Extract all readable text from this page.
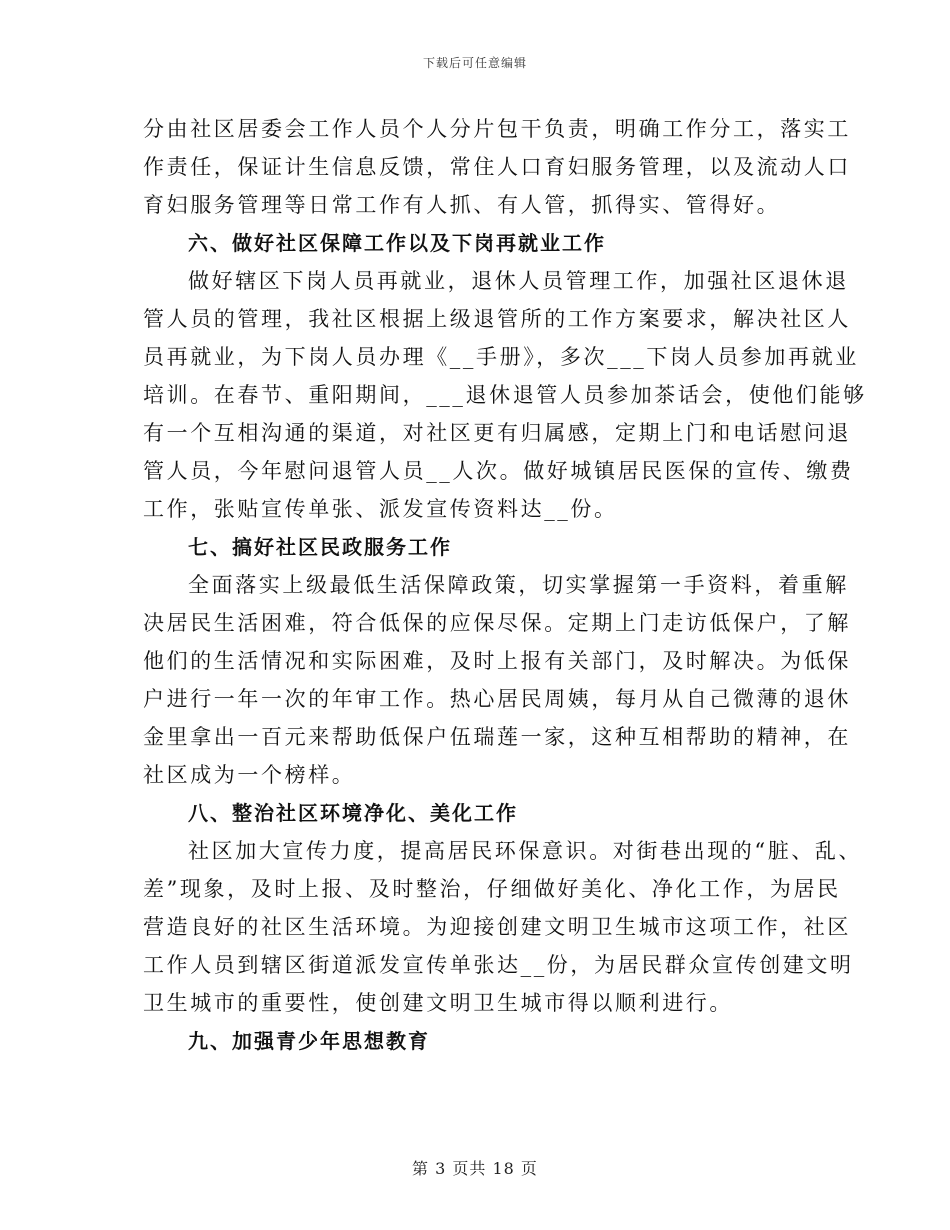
下载后可任意编辑
分由社区居委会工作人员个人分片包干负责，明确工作分工，落实工
作责任，保证计生信息反馈，常住人口育妇服务管理，以及流动人口
育妇服务管理等日常工作有人抓、有人管，抓得实、管得好。
六、做好社区保障工作以及下岗再就业工作
做好辖区下岗人员再就业，退休人员管理工作，加强社区退休退
管人员的管理，我社区根据上级退管所的工作方案要求，解决社区人
员再就业，为下岗人员办理《__手册》，多次___下岗人员参加再就业
培训。在春节、重阳期间，___退休退管人员参加茶话会，使他们能够
有一个互相沟通的渠道，对社区更有归属感，定期上门和电话慰问退
管人员，今年慰问退管人员__人次。做好城镇居民医保的宣传、缴费
工作，张贴宣传单张、派发宣传资料达__份。
七、搞好社区民政服务工作
全面落实上级最低生活保障政策，切实掌握第一手资料，着重解
决居民生活困难，符合低保的应保尽保。定期上门走访低保户，了解
他们的生活情况和实际困难，及时上报有关部门，及时解决。为低保
户进行一年一次的年审工作。热心居民周姨，每月从自己微薄的退休
金里拿出一百元来帮助低保户伍瑞莲一家，这种互相帮助的精神，在
社区成为一个榜样。
八、整治社区环境净化、美化工作
社区加大宣传力度，提高居民环保意识。对街巷出现的“脏、乱、
差”现象，及时上报、及时整治，仔细做好美化、净化工作，为居民
营造良好的社区生活环境。为迎接创建文明卫生城市这项工作，社区
工作人员到辖区街道派发宣传单张达__份，为居民群众宣传创建文明
卫生城市的重要性，使创建文明卫生城市得以顺利进行。
九、加强青少年思想教育
第 3 页共 18 页
